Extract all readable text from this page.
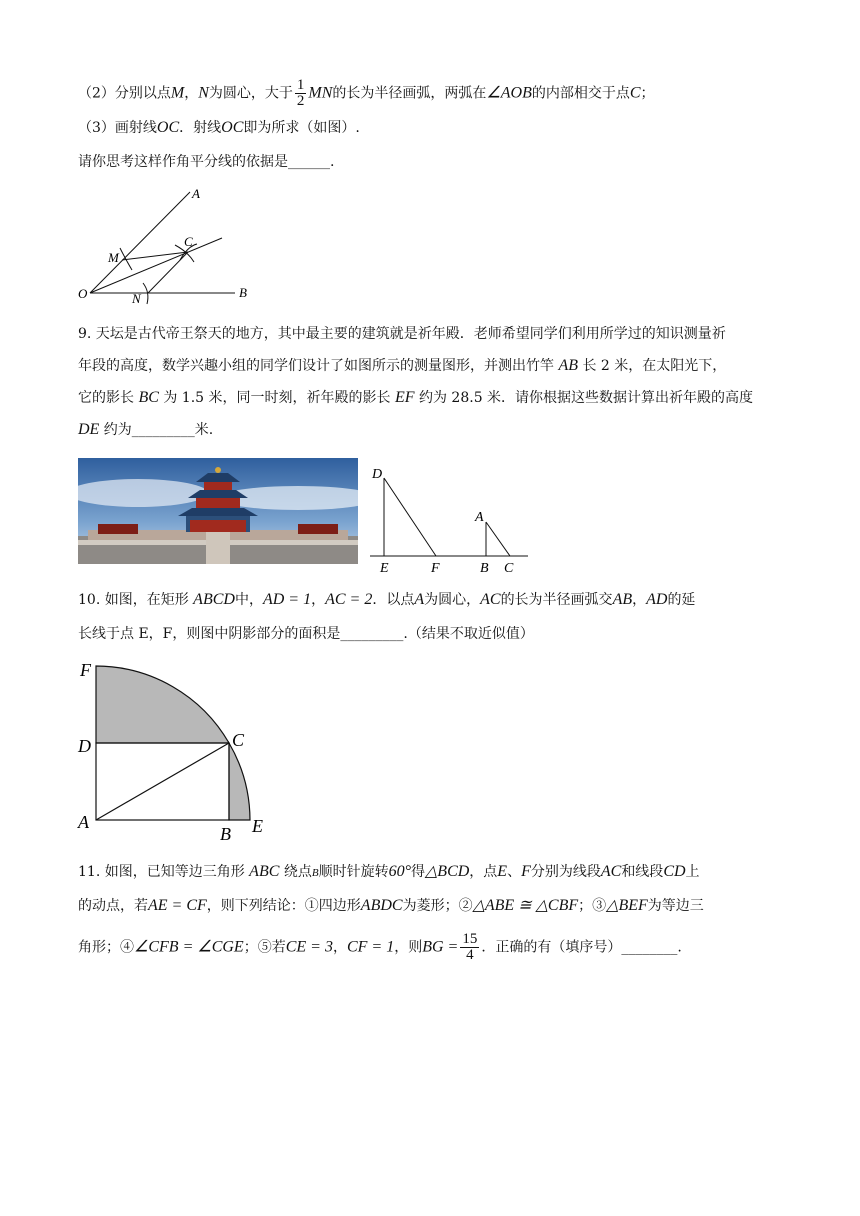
（2）分别以点M，N为圆心，大于 $\frac{1}{2}$ MN的长为半径画弧，两弧在∠AOB的内部相交于点C；
（3）画射线OC．射线OC即为所求（如图）.
请你思考这样作角平分线的依据是______.
A
M
C
O	N	B
9. 天坛是古代帝王祭天的地方，其中最主要的建筑就是祈年殿．老师希望同学们利用所学过的知识测量祈
年段的高度，数学兴趣小组的同学们设计了如图所示的测量图形，并测出竹竿 AB 长 2 米，在太阳光下，
它的影长 BC 为 1.5 米，同一时刻，祈年殿的影长 EF 约为 28.5 米．请你根据这些数据计算出祈年殿的高度
DE 约为_________米.
D
A
E	F	B C
10. 如图，在矩形 ABCD中，AD = 1，AC = 2．以点A为圆心，AC的长为半径画弧交AB，AD的延
长线于点 E，F，则图中阴影部分的面积是_________.（结果不取近似值）
F
D	C
A
B E
11. 如图，已知等边三角形 ABC 绕点B顺时针旋转60°得△BCD，点E、F分别为线段AC和线段CD上
的动点，若AE = CF，则下列结论：①四边形ABDC为菱形；②△ABE ≅ △CBF；③△BEF为等边三
角形；④∠CFB = ∠CGE；⑤若CE = 3，CF = 1，则BG = $\frac{15}{4}$ ．正确的有（填序号）________.
